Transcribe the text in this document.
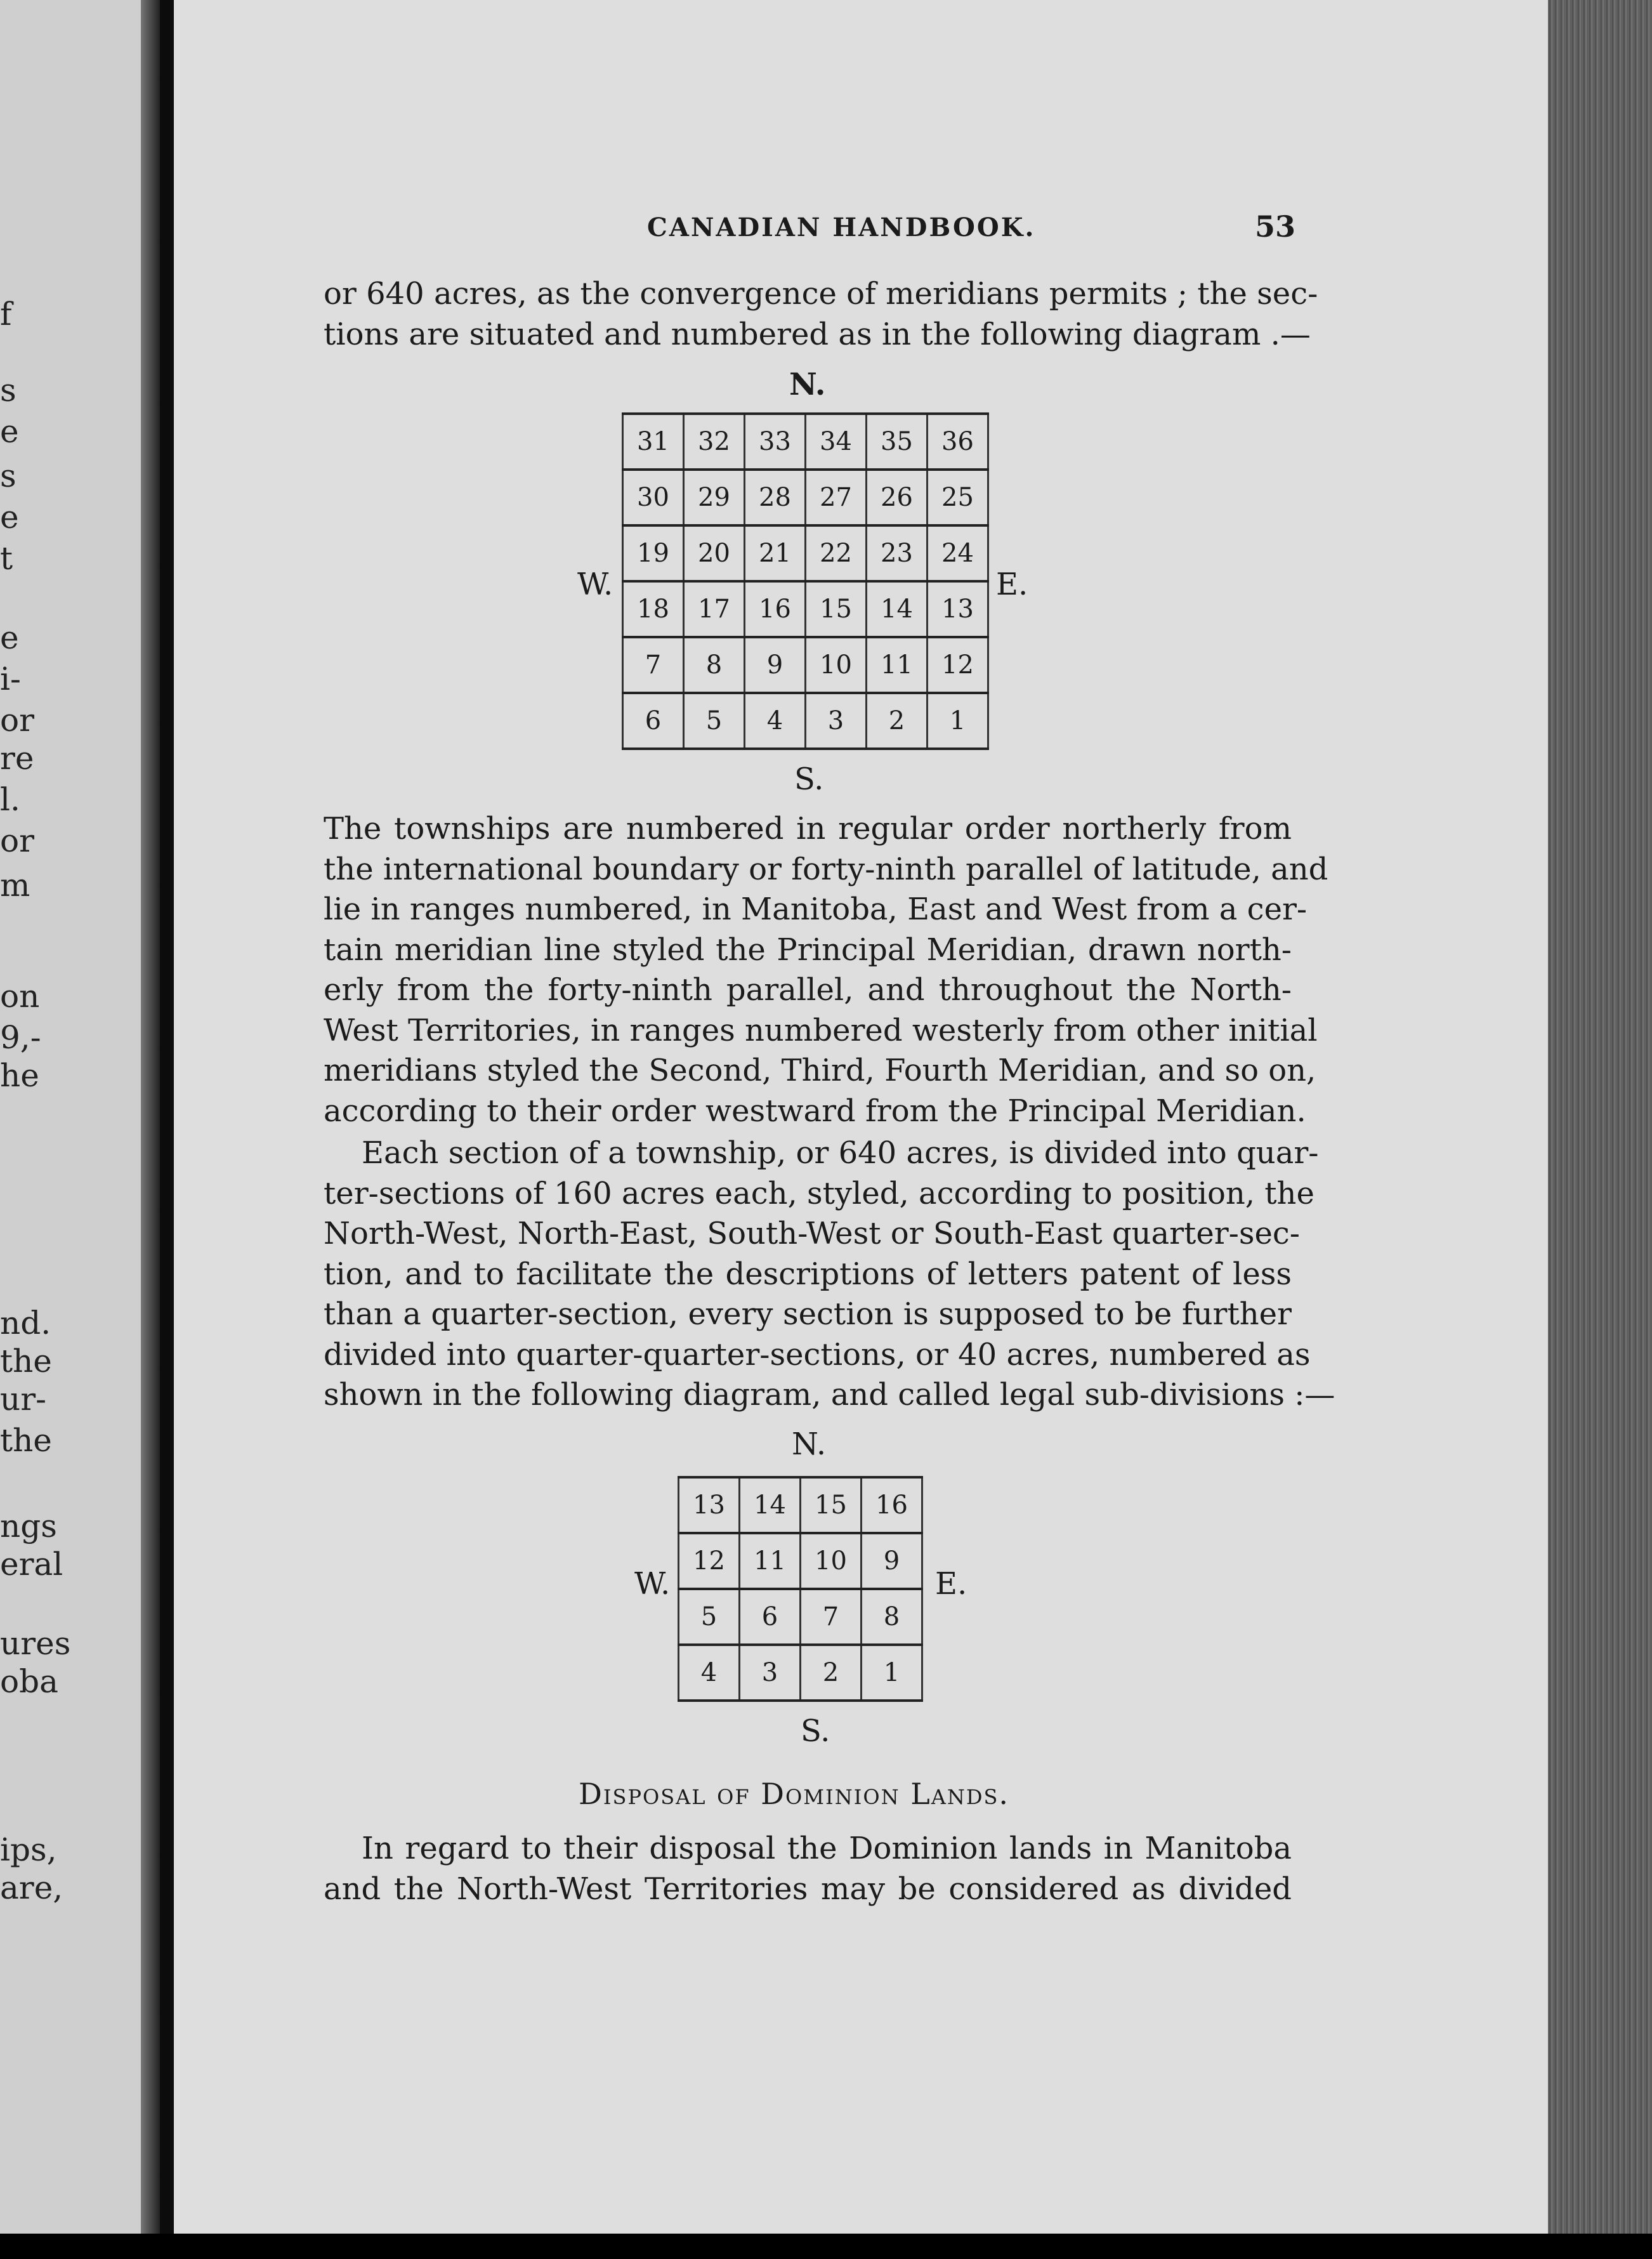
f
s
e
s
e
t
e
i-
or
re
l.
or
m
on
9,-
he
nd.
the
ur-
the
ngs
eral
ures
oba
ips,
are,
CANADIAN HANDBOOK.	53
or 640 acres, as the convergence of meridians permits ; the sec-
tions are situated and numbered as in the following diagram .—
N.
W.	E.
S.
31	32	33	34	35	36
30	29	28	27	26	25
19	20	21	22	23	24
18	17	16	15	14	13
7	8	9	10	11	12
6	5	4	3	2	1
The townships are numbered in regular order northerly from
the international boundary or forty-ninth parallel of latitude, and
lie in ranges numbered, in Manitoba, East and West from a cer-
tain meridian line styled the Principal Meridian, drawn north-
erly from the forty-ninth parallel, and throughout the North-
West Territories, in ranges numbered westerly from other initial
meridians styled the Second, Third, Fourth Meridian, and so on,
according to their order westward from the Principal Meridian.
Each section of a township, or 640 acres, is divided into quar-
ter-sections of 160 acres each, styled, according to position, the
North-West, North-East, South-West or South-East quarter-sec-
tion, and to facilitate the descriptions of letters patent of less
than a quarter-section, every section is supposed to be further
divided into quarter-quarter-sections, or 40 acres, numbered as
shown in the following diagram, and called legal sub-divisions :—
N.
W.	E.
S.
13	14	15	16
12	11	10	9
5	6	7	8
4	3	2	1
Disposal of Dominion Lands.
In regard to their disposal the Dominion lands in Manitoba
and the North-West Territories may be considered as divided
